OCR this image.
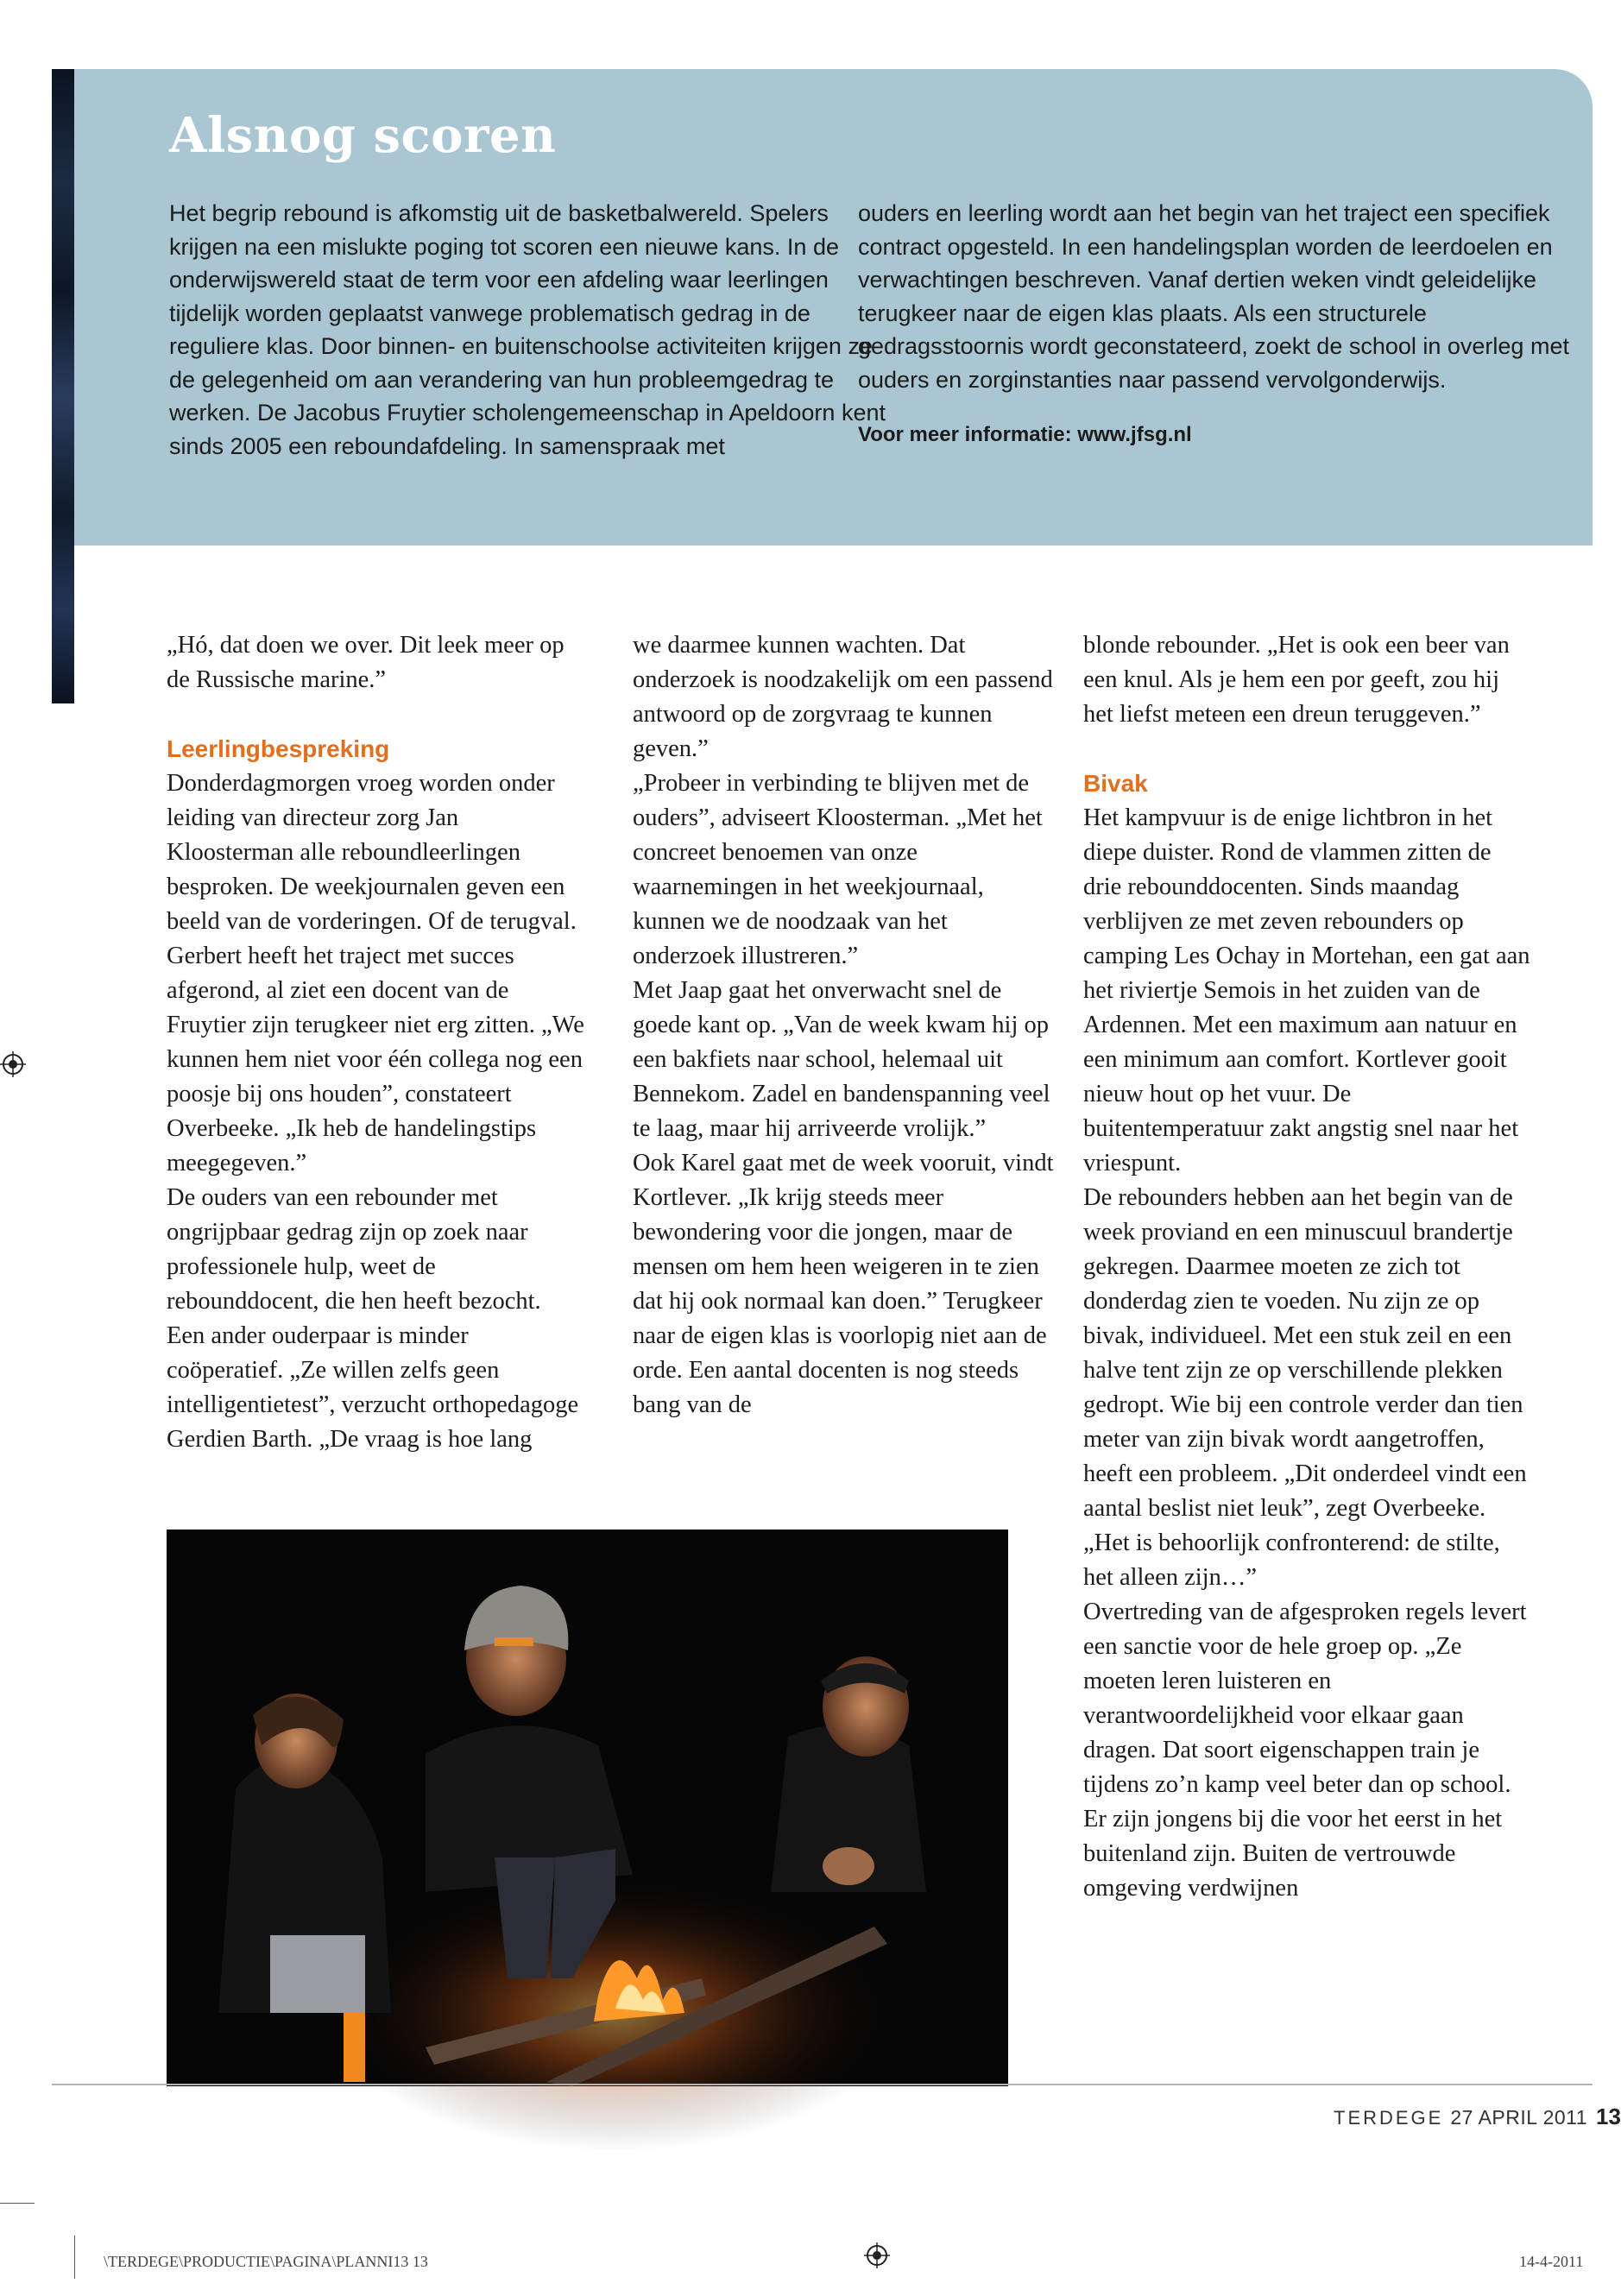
Alsnog scoren

Het begrip rebound is afkomstig uit de basketbalwereld. Spelers krijgen na een mislukte poging tot scoren een nieuwe kans. In de onderwijswereld staat de term voor een afdeling waar leerlingen tijdelijk worden geplaatst vanwege problematisch gedrag in de reguliere klas. Door binnen- en buitenschoolse activiteiten krijgen ze de gelegenheid om aan verandering van hun probleemgedrag te werken. De Jacobus Fruytier scholengemeenschap in Apeldoorn kent sinds 2005 een reboundafdeling. In samenspraak met

ouders en leerling wordt aan het begin van het traject een specifiek contract opgesteld. In een handelingsplan worden de leerdoelen en verwachtingen beschreven. Vanaf dertien weken vindt geleidelijke terugkeer naar de eigen klas plaats. Als een structurele gedragsstoornis wordt geconstateerd, zoekt de school in overleg met ouders en zorginstanties naar passend vervolgonderwijs.

Voor meer informatie: www.jfsg.nl

„Hó, dat doen we over. Dit leek meer op de Russische marine.”

Leerlingbespreking

Donderdagmorgen vroeg worden onder leiding van directeur zorg Jan Kloosterman alle reboundleerlingen besproken. De weekjournalen geven een beeld van de vorderingen. Of de terugval. Gerbert heeft het traject met succes afgerond, al ziet een docent van de Fruytier zijn terugkeer niet erg zitten. „We kunnen hem niet voor één collega nog een poosje bij ons houden”, constateert Overbeeke. „Ik heb de handelingstips meegegeven.”

De ouders van een rebounder met ongrijpbaar gedrag zijn op zoek naar professionele hulp, weet de rebounddocent, die hen heeft bezocht.

Een ander ouderpaar is minder coöperatief. „Ze willen zelfs geen intelligentietest”, verzucht orthopedagoge Gerdien Barth. „De vraag is hoe lang

we daarmee kunnen wachten. Dat onderzoek is noodzakelijk om een passend antwoord op de zorgvraag te kunnen geven.”

„Probeer in verbinding te blijven met de ouders”, adviseert Kloosterman. „Met het concreet benoemen van onze waarnemingen in het weekjournaal, kunnen we de noodzaak van het onderzoek illustreren.”

Met Jaap gaat het onverwacht snel de goede kant op. „Van de week kwam hij op een bakfiets naar school, helemaal uit Bennekom. Zadel en bandenspanning veel te laag, maar hij arriveerde vrolijk.”

Ook Karel gaat met de week vooruit, vindt Kortlever. „Ik krijg steeds meer bewondering voor die jongen, maar de mensen om hem heen weigeren in te zien dat hij ook normaal kan doen.” Terugkeer naar de eigen klas is voorlopig niet aan de orde. Een aantal docenten is nog steeds bang van de

blonde rebounder. „Het is ook een beer van een knul. Als je hem een por geeft, zou hij het liefst meteen een dreun teruggeven.”

Bivak

Het kampvuur is de enige lichtbron in het diepe duister. Rond de vlammen zitten de drie rebounddocenten. Sinds maandag verblijven ze met zeven rebounders op camping Les Ochay in Mortehan, een gat aan het riviertje Semois in het zuiden van de Ardennen. Met een maximum aan natuur en een minimum aan comfort. Kortlever gooit nieuw hout op het vuur. De buitentemperatuur zakt angstig snel naar het vriespunt.

De rebounders hebben aan het begin van de week proviand en een minuscuul brandertje gekregen. Daarmee moeten ze zich tot donderdag zien te voeden. Nu zijn ze op bivak, individueel. Met een stuk zeil en een halve tent zijn ze op verschillende plekken gedropt. Wie bij een controle verder dan tien meter van zijn bivak wordt aangetroffen, heeft een probleem. „Dit onderdeel vindt een aantal beslist niet leuk”, zegt Overbeeke. „Het is behoorlijk confronterend: de stilte, het alleen zijn…”

Overtreding van de afgesproken regels levert een sanctie voor de hele groep op. „Ze moeten leren luisteren en verantwoordelijkheid voor elkaar gaan dragen. Dat soort eigenschappen train je tijdens zo’n kamp veel beter dan op school. Er zijn jongens bij die voor het eerst in het buitenland zijn. Buiten de vertrouwde omgeving verdwijnen

TERDEGE 27 APRIL 2011 13
\TERDEGE\PRODUCTIE\PAGINA\PLANNI13 13	14-4-2011
